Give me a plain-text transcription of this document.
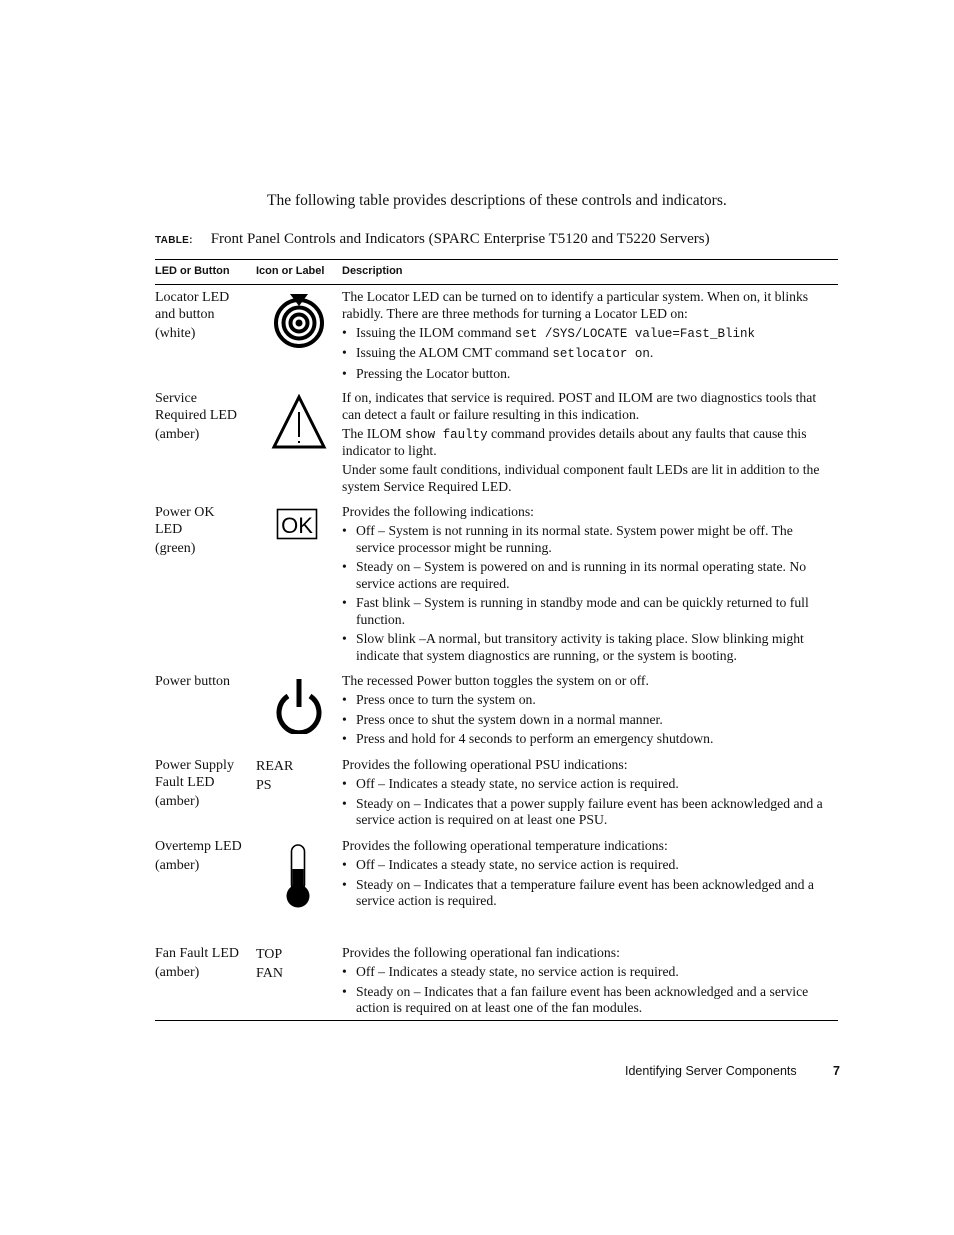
The following table provides descriptions of these controls and indicators.
TABLE: Front Panel Controls and Indicators (SPARC Enterprise T5120 and T5220 Servers)
LED or Button Icon or Label Description

Locator LED
and button

(white)

The Locator LED can be turned on to identify a particular system. When on, it blinks rabidly. There are three methods for turning a Locator LED on:

• Issuing the ILOM command set /SYS/LOCATE value=Fast_Blink
• Issuing the ALOM CMT command setlocator on.
• Pressing the Locator button.

Service
Required LED

(amber)

If on, indicates that service is required. POST and ILOM are two diagnostics tools that can detect a fault or failure resulting in this indication.

The ILOM show faulty command provides details about any faults that cause this indicator to light.

Under some fault conditions, individual component fault LEDs are lit in addition to the system Service Required LED.

Power OK
LED

(green)

OK

Provides the following indications:

• Off – System is not running in its normal state. System power might be off. The service processor might be running.
• Steady on – System is powered on and is running in its normal operating state. No service actions are required.
• Fast blink – System is running in standby mode and can be quickly returned to full function.
• Slow blink –A normal, but transitory activity is taking place. Slow blinking might indicate that system diagnostics are running, or the system is booting.

Power button	The recessed Power button toggles the system on or off.

• Press once to turn the system on.
• Press once to shut the system down in a normal manner.
• Press and hold for 4 seconds to perform an emergency shutdown.

Power Supply
Fault LED

(amber)

REAR
PS

Provides the following operational PSU indications:

• Off – Indicates a steady state, no service action is required.
• Steady on – Indicates that a power supply failure event has been acknowledged and a service action is required on at least one PSU.

Overtemp LED

(amber)

Provides the following operational temperature indications:

• Off – Indicates a steady state, no service action is required.
• Steady on – Indicates that a temperature failure event has been acknowledged and a service action is required.

Fan Fault LED

(amber)

TOP
FAN

Provides the following operational fan indications:

• Off – Indicates a steady state, no service action is required.
• Steady on – Indicates that a fan failure event has been acknowledged and a service action is required on at least one of the fan modules.
Identifying Server Components	7
